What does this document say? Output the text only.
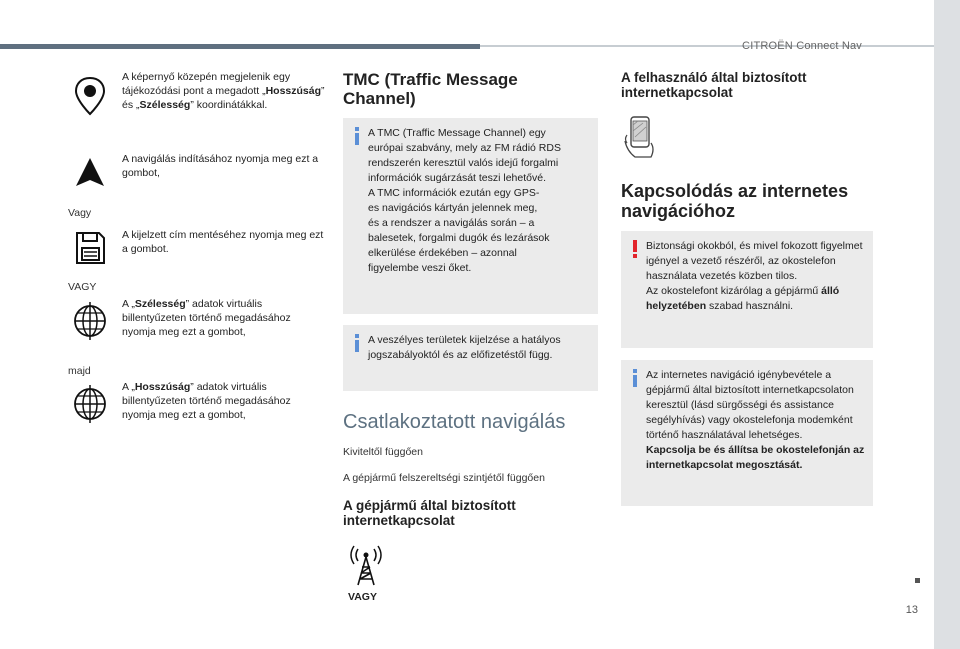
CITROËN Connect Nav
13
A képernyő közepén megjelenik egy tájékozódási pont a megadott „Hosszúság” és „Szélesség” koordinátákkal.
A navigálás indításához nyomja meg ezt a gombot,
Vagy
A kijelzett cím mentéséhez nyomja meg ezt a gombot.
VAGY
A „Szélesség” adatok virtuális billentyűzeten történő megadásához nyomja meg ezt a gombot,
majd
A „Hosszúság” adatok virtuális billentyűzeten történő megadásához nyomja meg ezt a gombot,
TMC (Traffic Message Channel)
A TMC (Traffic Message Channel) egy
európai szabvány, mely az FM rádió RDS
rendszerén keresztül valós idejű forgalmi
információk sugárzását teszi lehetővé.
A TMC információk ezután egy GPS-
es navigációs kártyán jelennek meg,
és a rendszer a navigálás során – a
balesetek, forgalmi dugók és lezárások
elkerülése érdekében – azonnal
figyelembe veszi őket.
A veszélyes területek kijelzése a hatályos
jogszabályoktól és az előfizetéstől függ.
Csatlakoztatott navigálás
Kiviteltől függően
A gépjármű felszereltségi szintjétől függően
A gépjármű által biztosított internetkapcsolat
VAGY
A felhasználó által biztosított internetkapcsolat
Kapcsolódás az internetes navigációhoz
Biztonsági okokból, és mivel fokozott figyelmet igényel a vezető részéről, az okostelefon használata vezetés közben tilos.
Az okostelefont kizárólag a gépjármű álló helyzetében szabad használni.
Az internetes navigáció igénybevétele a gépjármű által biztosított internetkapcsolaton keresztül (lásd sürgősségi és assistance segélyhívás) vagy okostelefonja modemként történő használatával lehetséges.
Kapcsolja be és állítsa be okostelefonján az internetkapcsolat megosztását.
